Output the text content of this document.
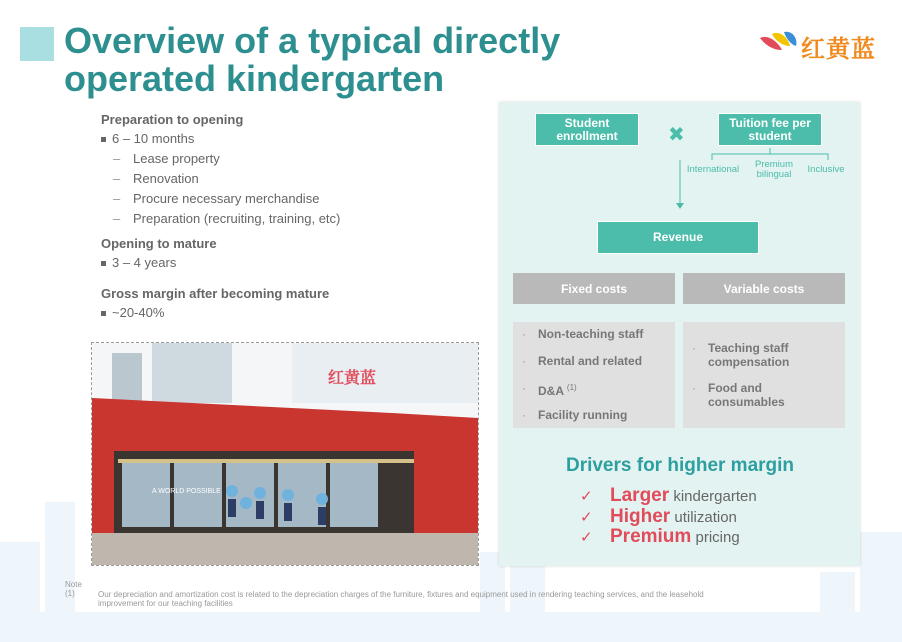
Overview of a typical directly operated kindergarten
红黄蓝

Preparation to opening

6 – 10 months
– Lease property
– Renovation
– Procure necessary merchandise
– Preparation (recruiting, training, etc)

Opening to mature

3 – 4 years

Gross margin after becoming mature

~20-40%
红黄蓝
A WORLD POSSIBLE
Student enrollment	✖
Tuition fee per student
International	Premium bilingual	Inclusive
Revenue
Fixed costs	Variable costs
· Non-teaching staff
· Rental and related
· D&A $^{(1)}$
· Facility running
· Teaching staff compensation
· Food and consumables
Drivers for higher margin
✓ Larger kindergarten
✓ Higher utilization
✓ Premium pricing
Note
(1)	Our depreciation and amortization cost is related to the depreciation charges of the furniture, fixtures and equipment used in rendering teaching services, and the leasehold improvement for our teaching facilities
